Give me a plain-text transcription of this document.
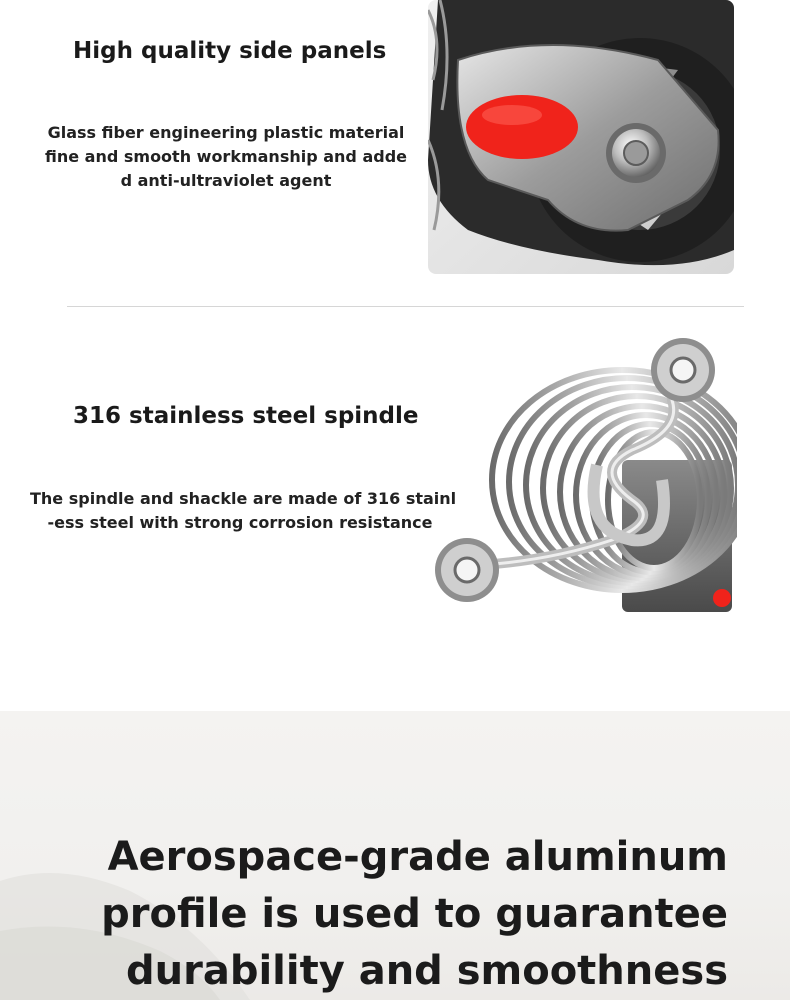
High quality side panels

Glass fiber engineering plastic material
fine and smooth workmanship and adde
d anti-ultraviolet agent

316 stainless steel spindle

The spindle and shackle are made of 316 stainl
-ess steel with strong corrosion resistance

Aerospace-grade aluminum
profile is used to guarantee
durability and smoothness
